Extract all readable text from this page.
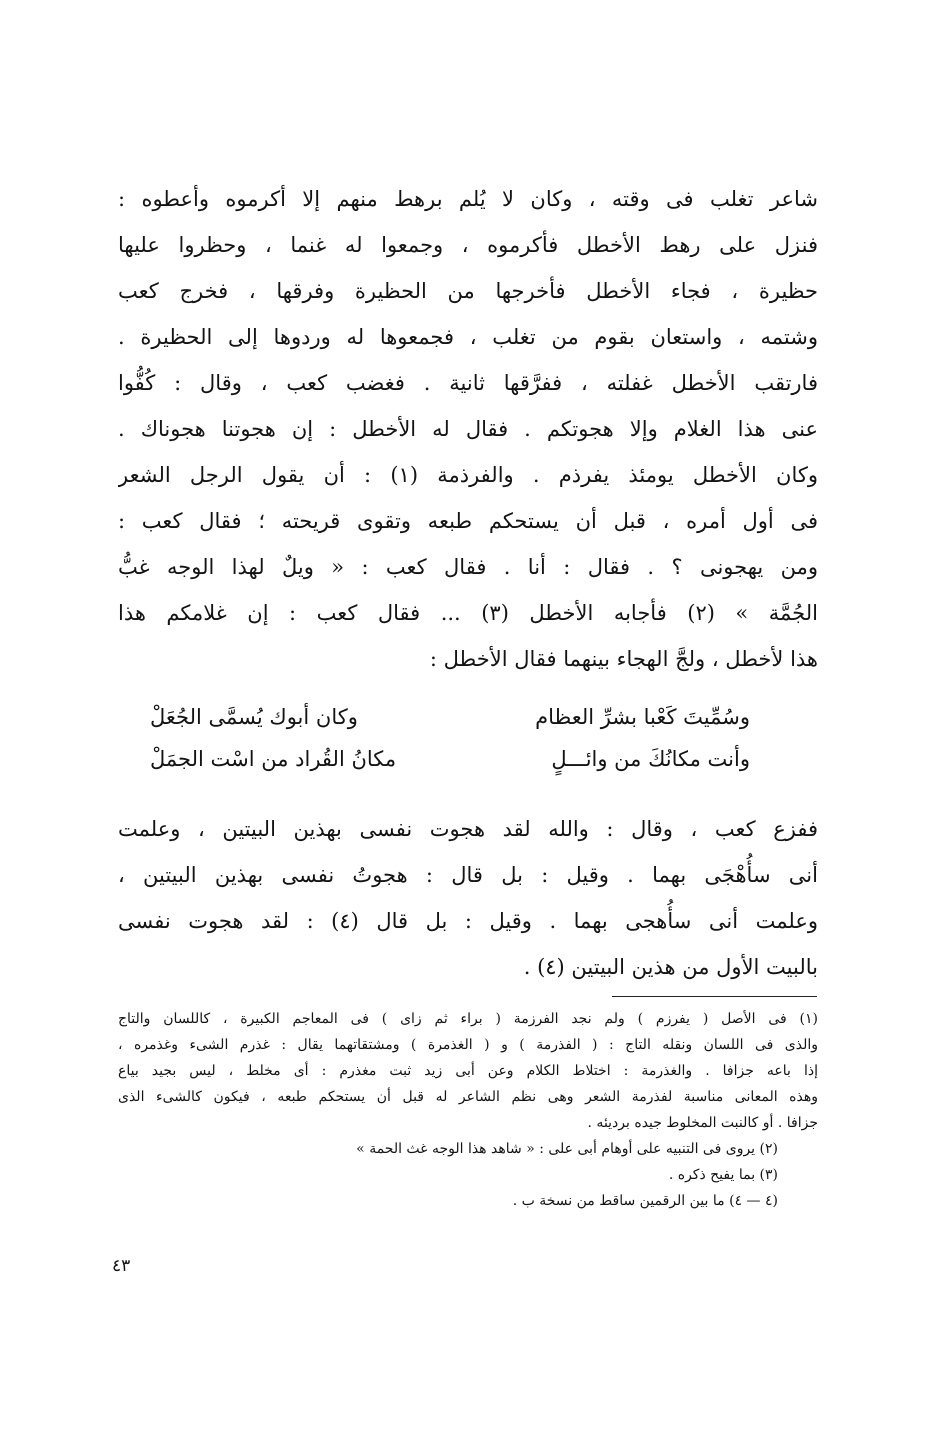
شاعر تغلب فى وقته ، وكان لا يُلم برهط منهم إلا أكرموه وأعطوه :
فنزل على رهط الأخطل فأكرموه ، وجمعوا له غنما ، وحظروا عليها
حظيرة ، فجاء الأخطل فأخرجها من الحظيرة وفرقها ، فخرج كعب
وشتمه ، واستعان بقوم من تغلب ، فجمعوها له وردوها إلى الحظيرة .
فارتقب الأخطل غفلته ، ففرَّقها ثانية . فغضب كعب ، وقال : كُفُّوا
عنى هذا الغلام وإلا هجوتكم . فقال له الأخطل : إن هجوتنا هجوناك .
وكان الأخطل يومئذ يفرذم . والفرذمة (١) : أن يقول الرجل الشعر
فى أول أمره ، قبل أن يستحكم طبعه وتقوى قريحته ؛ فقال كعب :
ومن يهجونى ؟ . فقال : أنا . فقال كعب : « ويلٌ لهذا الوجه غبُّ
الجُمَّة » (٢) فأجابه الأخطل (٣) ... فقال كعب : إن غلامكم هذا
هذا لأخطل ، ولجَّ الهجاء بينهما فقال الأخطل :
وسُمِّيتَ كَعْبا بشرِّ العظام
وكان أبوك يُسمَّى الجُعَلْ
وأنت مكانُكَ من وائـــلٍ
مكانُ القُراد من اسْت الجمَلْ
ففزع كعب ، وقال : والله لقد هجوت نفسى بهذين البيتين ، وعلمت
أنى سأُهْجَى بهما . وقيل : بل قال : هجوتُ نفسى بهذين البيتين ،
وعلمت أنى سأُهجى بهما . وقيل : بل قال (٤) : لقد هجوت نفسى
بالبيت الأول من هذين البيتين (٤) .
(١) فى الأصل ( يفرزم ) ولم نجد الفرزمة ( براء ثم زاى ) فى المعاجم الكبيرة ، كاللسان والتاج
والذى فى اللسان ونقله التاج : ( الفذرمة ) و ( الغذمرة ) ومشتقاتهما يقال : غذرم الشىء وغذمره ،
إذا باعه جزافا . والغذرمة : اختلاط الكلام وعن أبى زيد ثبت مغذرم : أى مخلط ، ليس بجيد بياع
وهذه المعانى مناسبة لفذرمة الشعر وهى نظم الشاعر له قبل أن يستحكم طبعه ، فيكون كالشىء الذى
جزافا . أو كالنبت المخلوط جيده برديئه .
(٢) يروى فى التنبيه على أوهام أبى على : « شاهد هذا الوجه غث الحمة »
(٣) بما يفيح ذكره .
(٤ — ٤) ما بين الرقمين ساقط من نسخة ب .
٤٣
